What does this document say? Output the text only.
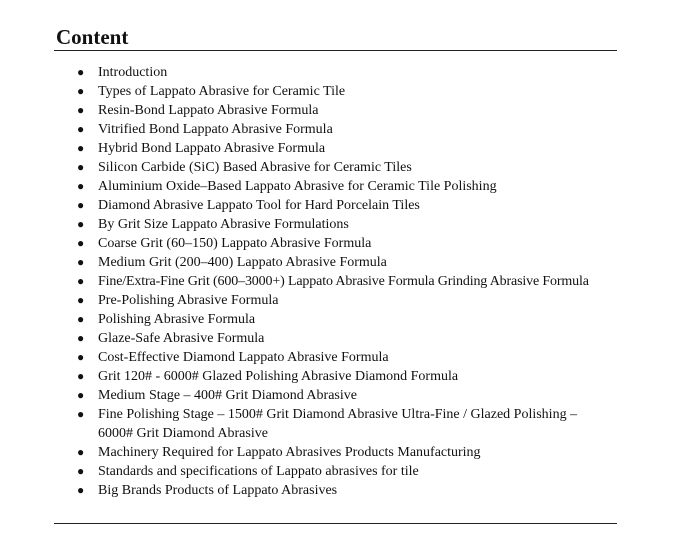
Content
● Introduction
● Types of Lappato Abrasive for Ceramic Tile
● Resin-Bond Lappato Abrasive Formula
● Vitrified Bond Lappato Abrasive Formula
● Hybrid Bond Lappato Abrasive Formula
● Silicon Carbide (SiC) Based Abrasive for Ceramic Tiles
● Aluminium Oxide–Based Lappato Abrasive for Ceramic Tile Polishing
● Diamond Abrasive Lappato Tool for Hard Porcelain Tiles
● By Grit Size Lappato Abrasive Formulations
● Coarse Grit (60–150) Lappato Abrasive Formula
● Medium Grit (200–400) Lappato Abrasive Formula
● Fine/Extra-Fine Grit (600–3000+) Lappato Abrasive Formula Grinding Abrasive Formula
● Pre-Polishing Abrasive Formula
● Polishing Abrasive Formula
● Glaze-Safe Abrasive Formula
● Cost-Effective Diamond Lappato Abrasive Formula
● Grit 120# - 6000# Glazed Polishing Abrasive Diamond Formula
● Medium Stage – 400# Grit Diamond Abrasive
● Fine Polishing Stage – 1500# Grit Diamond Abrasive Ultra-Fine / Glazed Polishing – 6000# Grit Diamond Abrasive
● Machinery Required for Lappato Abrasives Products Manufacturing
● Standards and specifications of Lappato abrasives for tile
● Big Brands Products of Lappato Abrasives
